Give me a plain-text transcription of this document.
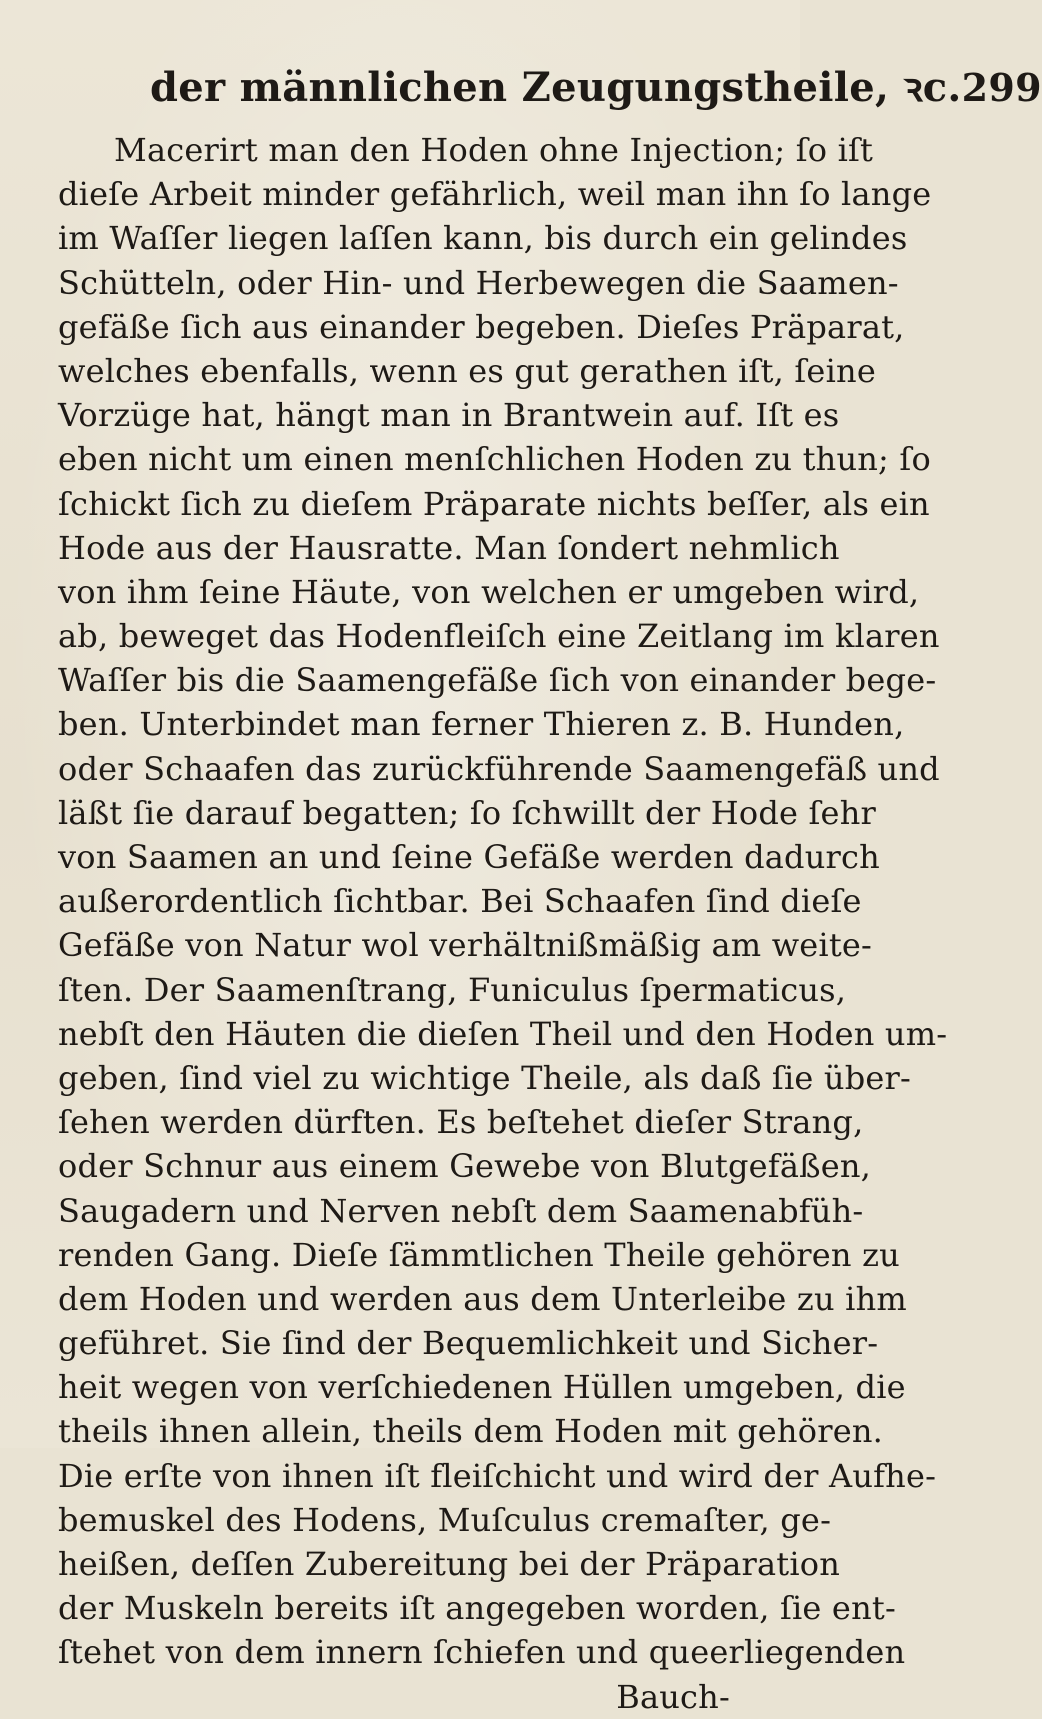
der männlichen Zeugungstheile, ꝛc. 299
Macerirt man den Hoden ohne Injection; ſo iſt
dieſe Arbeit minder gefährlich, weil man ihn ſo lange
im Waſſer liegen laſſen kann, bis durch ein gelindes
Schütteln, oder Hin- und Herbewegen die Saamen-
gefäße ſich aus einander begeben. Dieſes Präparat,
welches ebenfalls, wenn es gut gerathen iſt, ſeine
Vorzüge hat, hängt man in Brantwein auf. Iſt es
eben nicht um einen menſchlichen Hoden zu thun; ſo
ſchickt ſich zu dieſem Präparate nichts beſſer, als ein
Hode aus der Hausratte. Man ſondert nehmlich
von ihm ſeine Häute, von welchen er umgeben wird,
ab, beweget das Hodenfleiſch eine Zeitlang im klaren
Waſſer bis die Saamengefäße ſich von einander bege-
ben. Unterbindet man ferner Thieren z. B. Hunden,
oder Schaafen das zurückführende Saamengefäß und
läßt ſie darauf begatten; ſo ſchwillt der Hode ſehr
von Saamen an und ſeine Gefäße werden dadurch
außerordentlich ſichtbar. Bei Schaafen ſind dieſe
Gefäße von Natur wol verhältnißmäßig am weite-
ſten. Der Saamenſtrang, Funiculus ſpermaticus,
nebſt den Häuten die dieſen Theil und den Hoden um-
geben, ſind viel zu wichtige Theile, als daß ſie über-
ſehen werden dürften. Es beſtehet dieſer Strang,
oder Schnur aus einem Gewebe von Blutgefäßen,
Saugadern und Nerven nebſt dem Saamenabfüh-
renden Gang. Dieſe ſämmtlichen Theile gehören zu
dem Hoden und werden aus dem Unterleibe zu ihm
geführet. Sie ſind der Bequemlichkeit und Sicher-
heit wegen von verſchiedenen Hüllen umgeben, die
theils ihnen allein, theils dem Hoden mit gehören.
Die erſte von ihnen iſt fleiſchicht und wird der Aufhe-
bemuskel des Hodens, Muſculus cremaſter, ge-
heißen, deſſen Zubereitung bei der Präparation
der Muskeln bereits iſt angegeben worden, ſie ent-
ſtehet von dem innern ſchiefen und queerliegenden
Bauch-
